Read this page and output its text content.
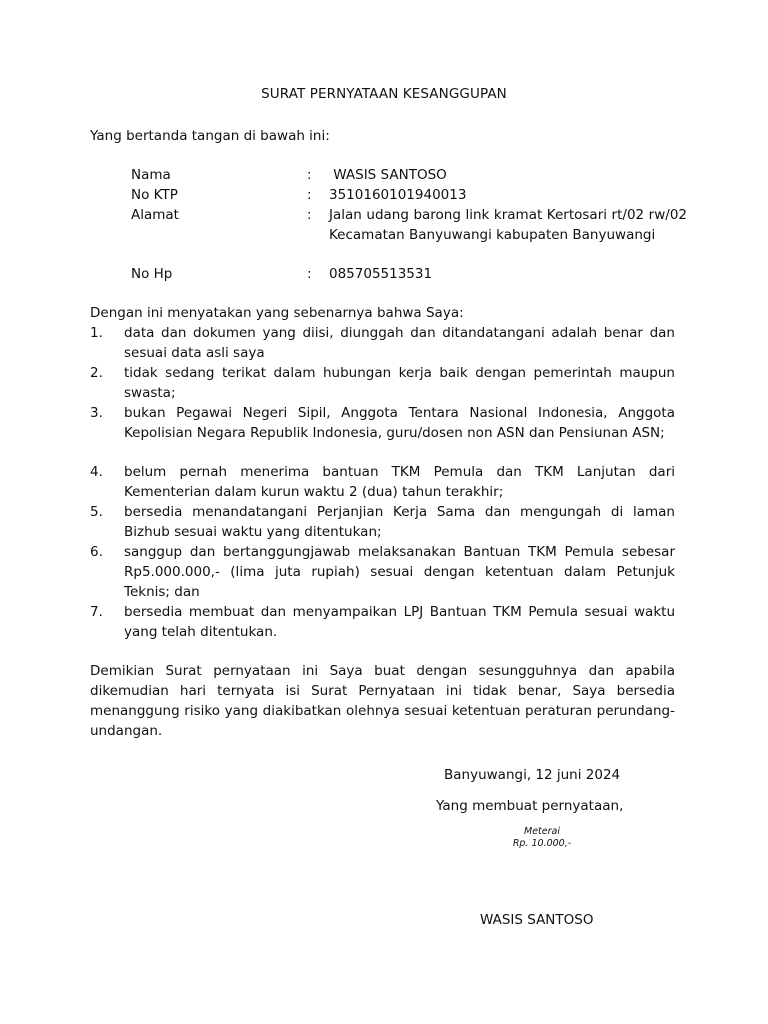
SURAT PERNYATAAN KESANGGUPAN
Yang bertanda tangan di bawah ini:
Nama	: WASIS SANTOSO
No KTP	: 3510160101940013
Alamat	: Jalan udang barong link kramat Kertosari rt/02 rw/02 Kecamatan Banyuwangi kabupaten Banyuwangi
No Hp	: 085705513531
Dengan ini menyatakan yang sebenarnya bahwa Saya:
1.	data dan dokumen yang diisi, diunggah dan ditandatangani adalah benar dan sesuai data asli saya
2.	tidak sedang terikat dalam hubungan kerja baik dengan pemerintah maupun swasta;
3.	bukan Pegawai Negeri Sipil, Anggota Tentara Nasional Indonesia, Anggota Kepolisian Negara Republik Indonesia, guru/dosen non ASN dan Pensiunan ASN;
4.	belum pernah menerima bantuan TKM Pemula dan TKM Lanjutan dari Kementerian dalam kurun waktu 2 (dua) tahun terakhir;
5.	bersedia menandatangani Perjanjian Kerja Sama dan mengungah di laman Bizhub sesuai waktu yang ditentukan;
6.	sanggup dan bertanggungjawab melaksanakan Bantuan TKM Pemula sebesar Rp5.000.000,- (lima juta rupiah) sesuai dengan ketentuan dalam Petunjuk Teknis; dan
7.	bersedia membuat dan menyampaikan LPJ Bantuan TKM Pemula sesuai waktu yang telah ditentukan.
Demikian Surat pernyataan ini Saya buat dengan sesungguhnya dan apabila dikemudian hari ternyata isi Surat Pernyataan ini tidak benar, Saya bersedia menanggung risiko yang diakibatkan olehnya sesuai ketentuan peraturan perundang-undangan.
Banyuwangi, 12 juni 2024
Yang membuat pernyataan,
Meterai
Rp. 10.000,-
WASIS SANTOSO
